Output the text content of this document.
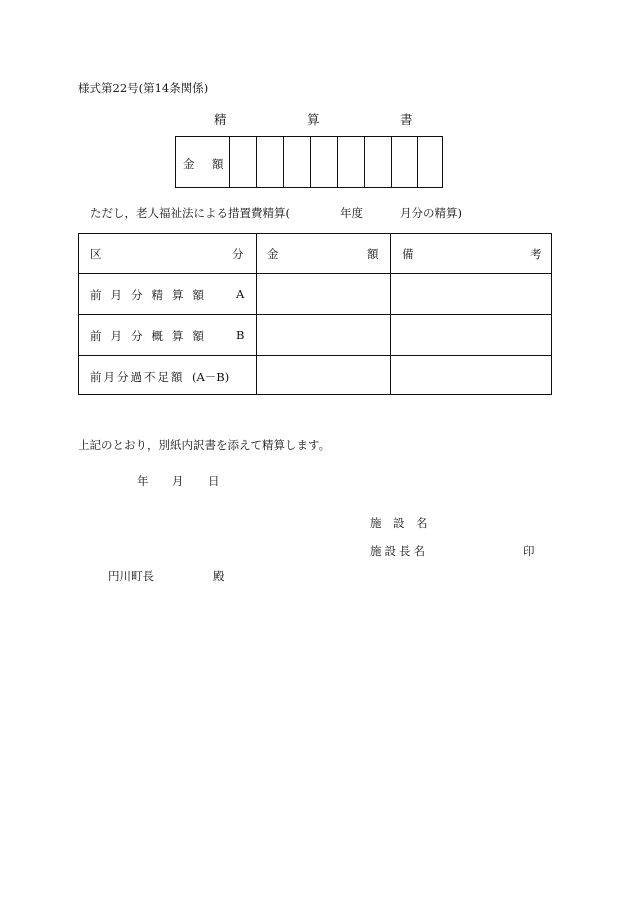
様式第22号(第14条関係)
精	算	書
金 額
ただし，老人福祉法による措置費精算(	年度	月分の精算)
区	分 金	額 備	考
前月分精算額 A
前月分概算額 B
前月分過不足額 (A－B)
上記のとおり，別紙内訳書を添えて精算します。
年 月 日
施　設　名
施設長名	印
円川町長	殿
